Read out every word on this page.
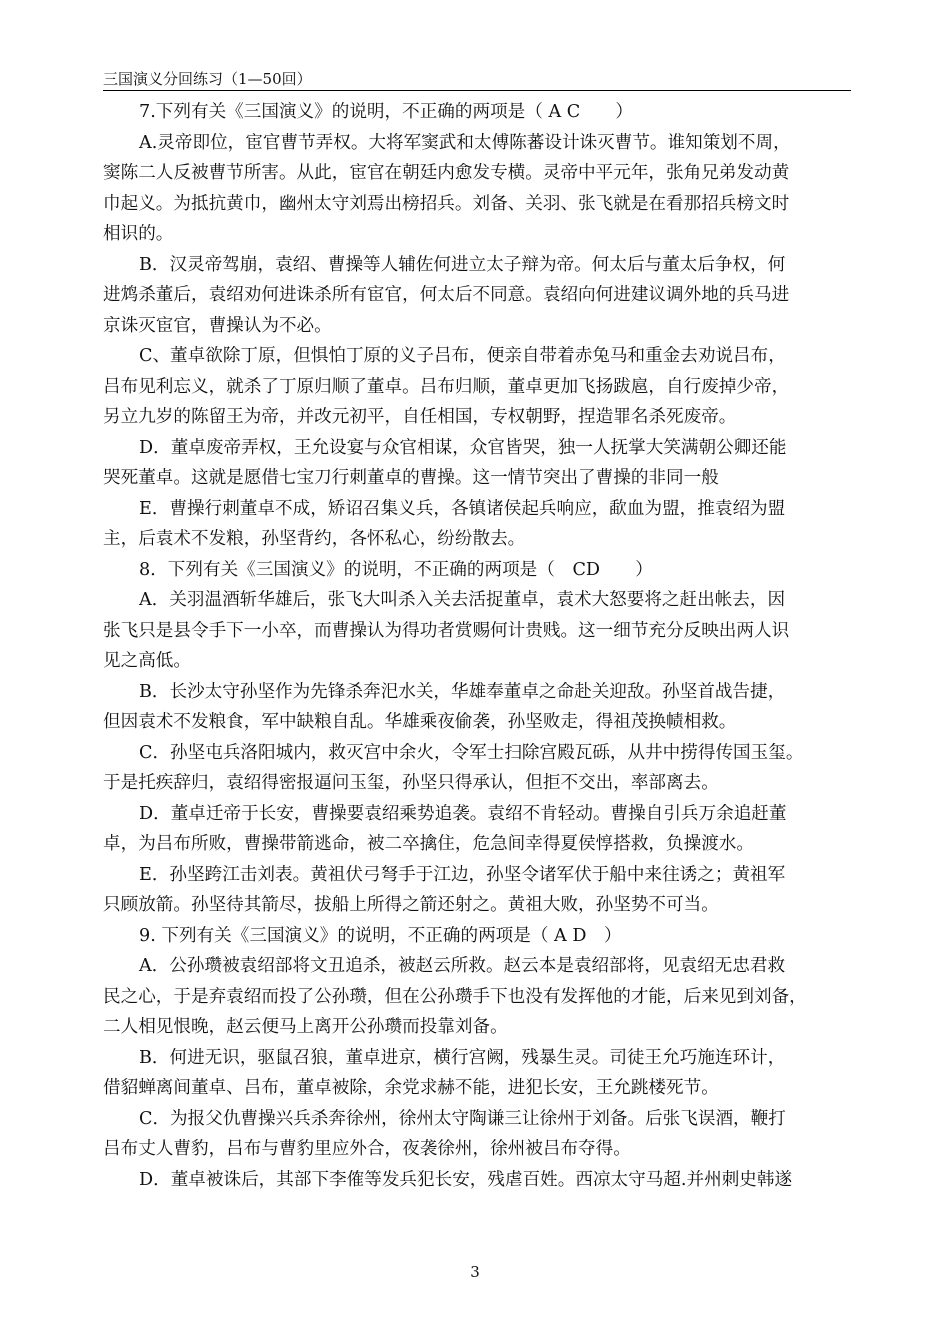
三国演义分回练习（1—50回）
7.下列有关《三国演义》的说明，不正确的两项是（ A C　　）
A.灵帝即位，宦官曹节弄权。大将军窦武和太傅陈蕃设计诛灭曹节。谁知策划不周，
窦陈二人反被曹节所害。从此，宦官在朝廷内愈发专横。灵帝中平元年，张角兄弟发动黄
巾起义。为抵抗黄巾，幽州太守刘焉出榜招兵。刘备、关羽、张飞就是在看那招兵榜文时
相识的。
B．汉灵帝驾崩，袁绍、曹操等人辅佐何进立太子辩为帝。何太后与董太后争权，何
进鸩杀董后，袁绍劝何进诛杀所有宦官，何太后不同意。袁绍向何进建议调外地的兵马进
京诛灭宦官，曹操认为不必。
C、董卓欲除丁原，但惧怕丁原的义子吕布，便亲自带着赤兔马和重金去劝说吕布，
吕布见利忘义，就杀了丁原归顺了董卓。吕布归顺，董卓更加飞扬跋扈，自行废掉少帝，
另立九岁的陈留王为帝，并改元初平，自任相国，专权朝野，捏造罪名杀死废帝。
D．董卓废帝弄权，王允设宴与众官相谋，众官皆哭，独一人抚掌大笑满朝公卿还能
哭死董卓。这就是愿借七宝刀行刺董卓的曹操。这一情节突出了曹操的非同一般
E．曹操行刺董卓不成，矫诏召集义兵，各镇诸侯起兵响应，歃血为盟，推袁绍为盟
主，后袁术不发粮，孙坚背约，各怀私心，纷纷散去。
8．下列有关《三国演义》的说明，不正确的两项是（　CD　　）
A．关羽温酒斩华雄后，张飞大叫杀入关去活捉董卓，袁术大怒要将之赶出帐去，因
张飞只是县令手下一小卒，而曹操认为得功者赏赐何计贵贱。这一细节充分反映出两人识
见之高低。
B．长沙太守孙坚作为先锋杀奔汜水关，华雄奉董卓之命赴关迎敌。孙坚首战告捷，
但因袁术不发粮食，军中缺粮自乱。华雄乘夜偷袭，孙坚败走，得祖茂换帻相救。
C．孙坚屯兵洛阳城内，救灭宫中余火，令军士扫除宫殿瓦砾，从井中捞得传国玉玺。
于是托疾辞归，袁绍得密报逼问玉玺，孙坚只得承认，但拒不交出，率部离去。
D．董卓迁帝于长安，曹操要袁绍乘势追袭。袁绍不肯轻动。曹操自引兵万余追赶董
卓，为吕布所败，曹操带箭逃命，被二卒擒住，危急间幸得夏侯惇搭救，负操渡水。
E．孙坚跨江击刘表。黄祖伏弓弩手于江边，孙坚令诸军伏于船中来往诱之；黄祖军
只顾放箭。孙坚待其箭尽，拔船上所得之箭还射之。黄祖大败，孙坚势不可当。
9. 下列有关《三国演义》的说明，不正确的两项是（ A D　）
A．公孙瓒被袁绍部将文丑追杀，被赵云所救。赵云本是袁绍部将，见袁绍无忠君救
民之心，于是弃袁绍而投了公孙瓒，但在公孙瓒手下也没有发挥他的才能，后来见到刘备，
二人相见恨晚，赵云便马上离开公孙瓒而投靠刘备。
B．何进无识，驱鼠召狼，董卓进京，横行宫阙，残暴生灵。司徒王允巧施连环计，
借貂蝉离间董卓、吕布，董卓被除，余党求赫不能，进犯长安，王允跳楼死节。
C．为报父仇曹操兴兵杀奔徐州，徐州太守陶谦三让徐州于刘备。后张飞误酒，鞭打
吕布丈人曹豹，吕布与曹豹里应外合，夜袭徐州，徐州被吕布夺得。
D．董卓被诛后，其部下李傕等发兵犯长安，残虐百姓。西凉太守马超.并州刺史韩遂
3
